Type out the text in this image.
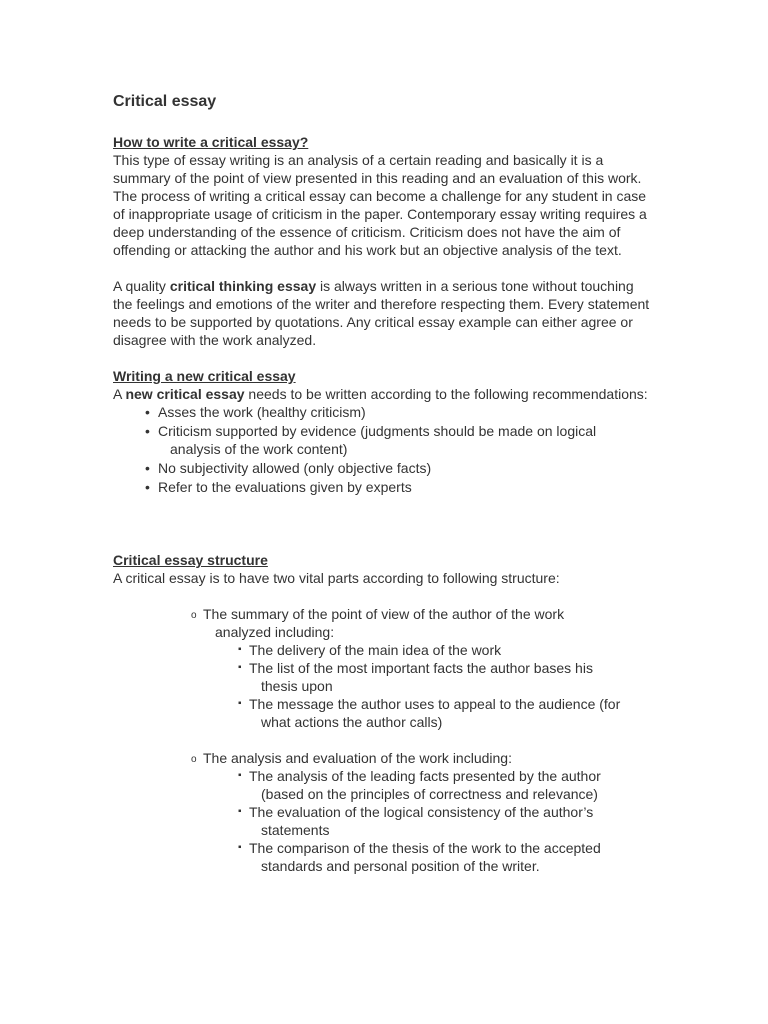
Critical essay

How to write a critical essay?

This type of essay writing is an analysis of a certain reading and basically it is a summary of the point of view presented in this reading and an evaluation of this work. The process of writing a critical essay can become a challenge for any student in case of inappropriate usage of criticism in the paper. Contemporary essay writing requires a deep understanding of the essence of criticism. Criticism does not have the aim of offending or attacking the author and his work but an objective analysis of the text.

A quality critical thinking essay is always written in a serious tone without touching the feelings and emotions of the writer and therefore respecting them. Every statement needs to be supported by quotations. Any critical essay example can either agree or disagree with the work analyzed.

Writing a new critical essay

A new critical essay needs to be written according to the following recommendations:

• Asses the work (healthy criticism)
• Criticism supported by evidence (judgments should be made on logical
analysis of the work content)
• No subjectivity allowed (only objective facts)
• Refer to the evaluations given by experts

Critical essay structure

A critical essay is to have two vital parts according to following structure:

o The summary of the point of view of the author of the work
analyzed including:
▪ The delivery of the main idea of the work
▪ The list of the most important facts the author bases his
thesis upon
▪ The message the author uses to appeal to the audience (for
what actions the author calls)
o The analysis and evaluation of the work including:
▪ The analysis of the leading facts presented by the author
(based on the principles of correctness and relevance)
▪ The evaluation of the logical consistency of the author’s
statements
▪ The comparison of the thesis of the work to the accepted
standards and personal position of the writer.
